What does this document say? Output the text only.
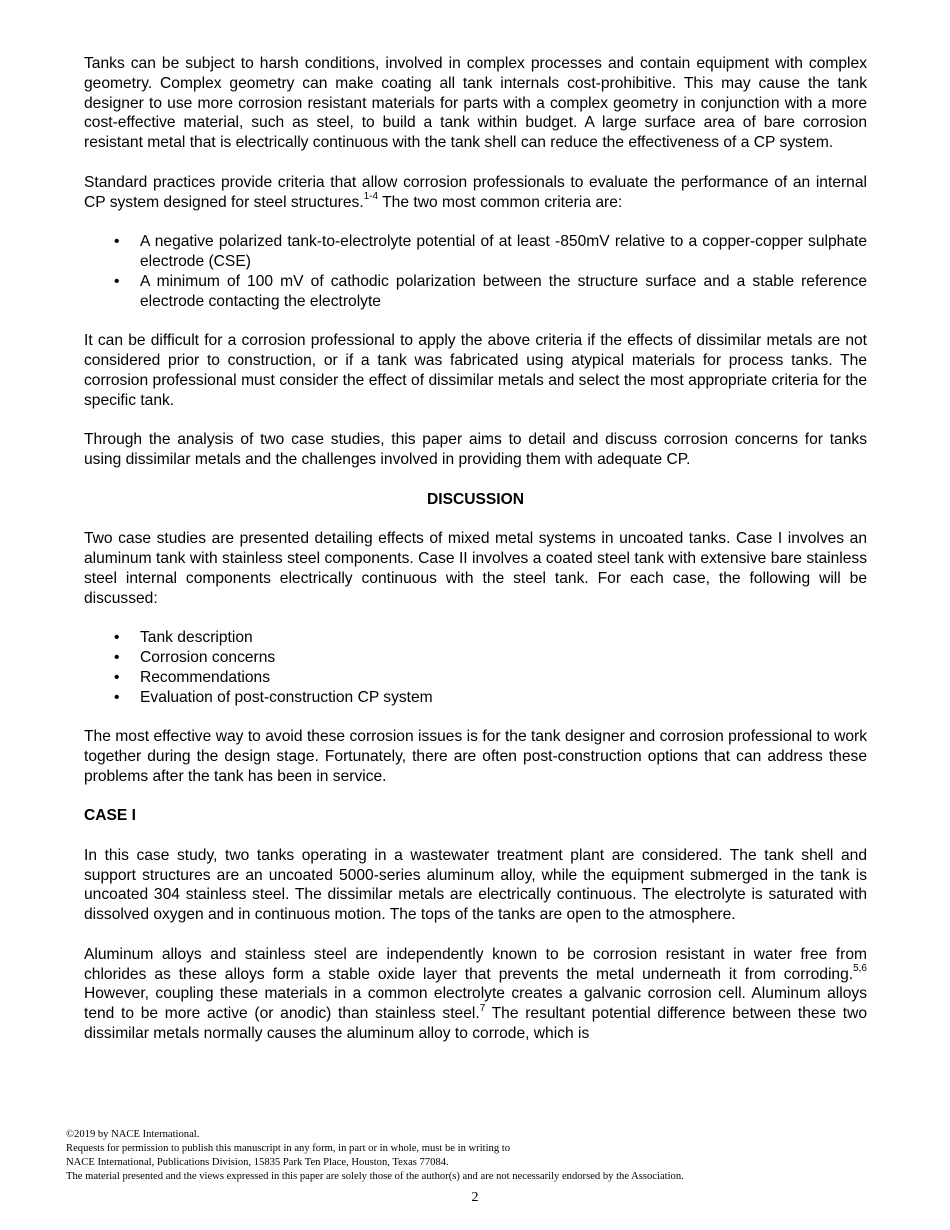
Tanks can be subject to harsh conditions, involved in complex processes and contain equipment with complex geometry. Complex geometry can make coating all tank internals cost-prohibitive. This may cause the tank designer to use more corrosion resistant materials for parts with a complex geometry in conjunction with a more cost-effective material, such as steel, to build a tank within budget. A large surface area of bare corrosion resistant metal that is electrically continuous with the tank shell can reduce the effectiveness of a CP system.

Standard practices provide criteria that allow corrosion professionals to evaluate the performance of an internal CP system designed for steel structures.$^{1-4}$ The two most common criteria are:

• A negative polarized tank-to-electrolyte potential of at least -850mV relative to a copper-copper sulphate electrode (CSE)
• A minimum of 100 mV of cathodic polarization between the structure surface and a stable reference electrode contacting the electrolyte

It can be difficult for a corrosion professional to apply the above criteria if the effects of dissimilar metals are not considered prior to construction, or if a tank was fabricated using atypical materials for process tanks. The corrosion professional must consider the effect of dissimilar metals and select the most appropriate criteria for the specific tank.

Through the analysis of two case studies, this paper aims to detail and discuss corrosion concerns for tanks using dissimilar metals and the challenges involved in providing them with adequate CP.

DISCUSSION

Two case studies are presented detailing effects of mixed metal systems in uncoated tanks. Case I involves an aluminum tank with stainless steel components. Case II involves a coated steel tank with extensive bare stainless steel internal components electrically continuous with the steel tank. For each case, the following will be discussed:

• Tank description
• Corrosion concerns
• Recommendations
• Evaluation of post-construction CP system

The most effective way to avoid these corrosion issues is for the tank designer and corrosion professional to work together during the design stage. Fortunately, there are often post-construction options that can address these problems after the tank has been in service.

CASE I

In this case study, two tanks operating in a wastewater treatment plant are considered. The tank shell and support structures are an uncoated 5000-series aluminum alloy, while the equipment submerged in the tank is uncoated 304 stainless steel. The dissimilar metals are electrically continuous. The electrolyte is saturated with dissolved oxygen and in continuous motion. The tops of the tanks are open to the atmosphere.

Aluminum alloys and stainless steel are independently known to be corrosion resistant in water free from chlorides as these alloys form a stable oxide layer that prevents the metal underneath it from corroding.$^{5,6}$ However, coupling these materials in a common electrolyte creates a galvanic corrosion cell. Aluminum alloys tend to be more active (or anodic) than stainless steel.$^7$ The resultant potential difference between these two dissimilar metals normally causes the aluminum alloy to corrode, which is

©2019 by NACE International.
Requests for permission to publish this manuscript in any form, in part or in whole, must be in writing to
NACE International, Publications Division, 15835 Park Ten Place, Houston, Texas 77084.
The material presented and the views expressed in this paper are solely those of the author(s) and are not necessarily endorsed by the Association.
2
